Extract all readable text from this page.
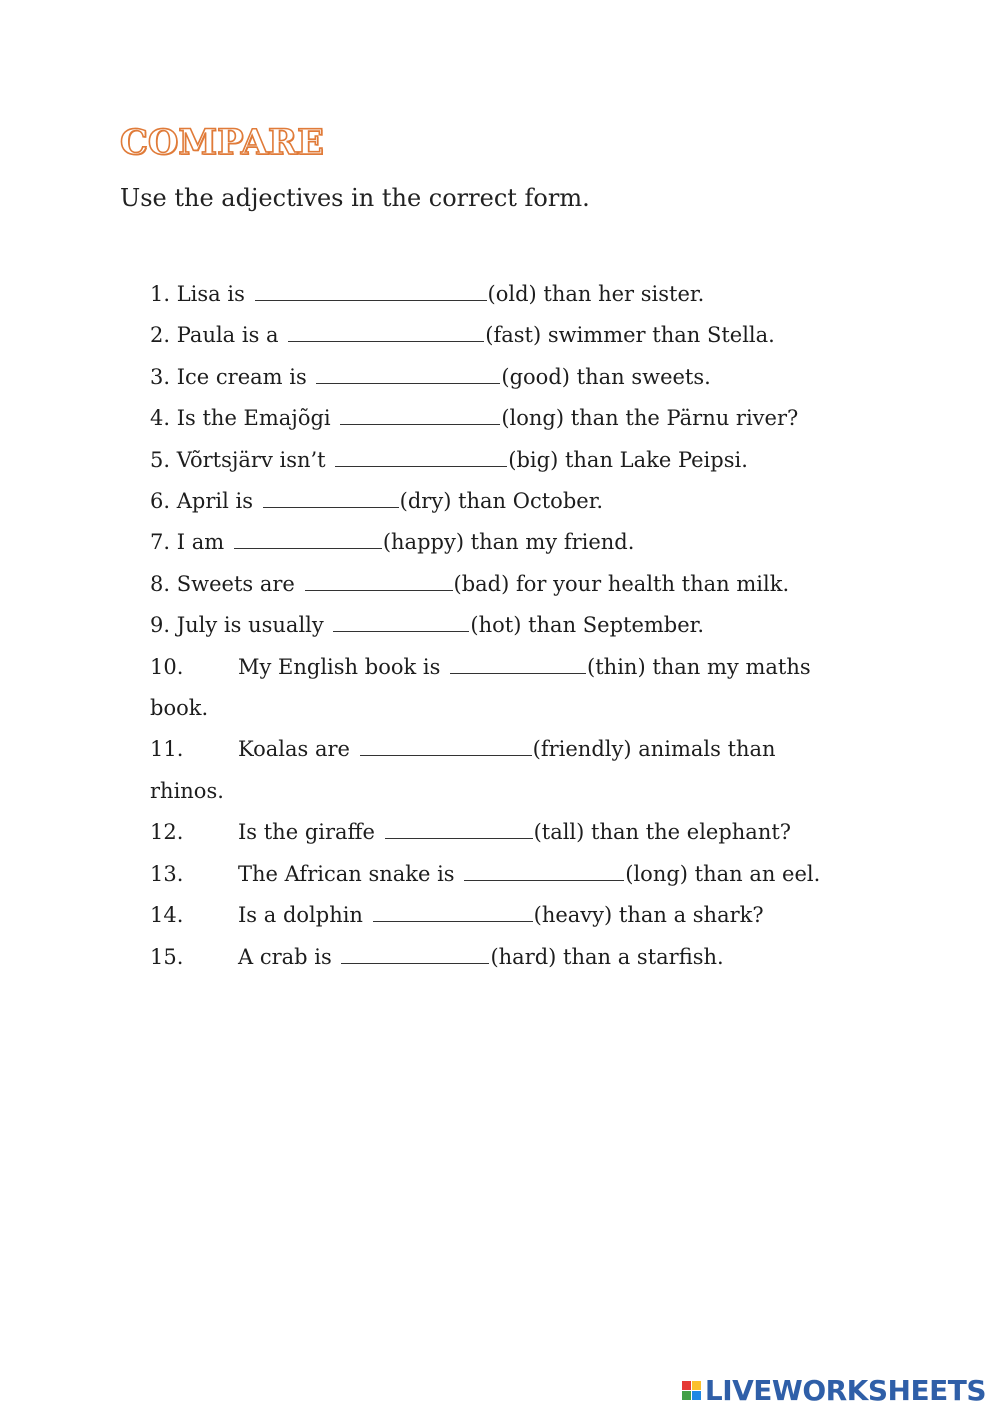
COMPARE
Use the adjectives in the correct form.
1. Lisa is	(old) than her sister.
2. Paula is a	(fast) swimmer than Stella.
3. Ice cream is	(good) than sweets.
4. Is the Emajõgi	(long) than the Pärnu river?
5. Võrtsjärv isn’t	(big) than Lake Peipsi.
6. April is	(dry) than October.
7. I am	(happy) than my friend.
8. Sweets are	(bad) for your health than milk.
9. July is usually	(hot) than September.
10.	My English book is	(thin) than my maths
book.
11.	Koalas are	(friendly) animals than
rhinos.
12.	Is the giraffe	(tall) than the elephant?
13.	The African snake is	(long) than an eel.
14.	Is a dolphin	(heavy) than a shark?
15.	A crab is	(hard) than a starfish.
LIVEWORKSHEETS
